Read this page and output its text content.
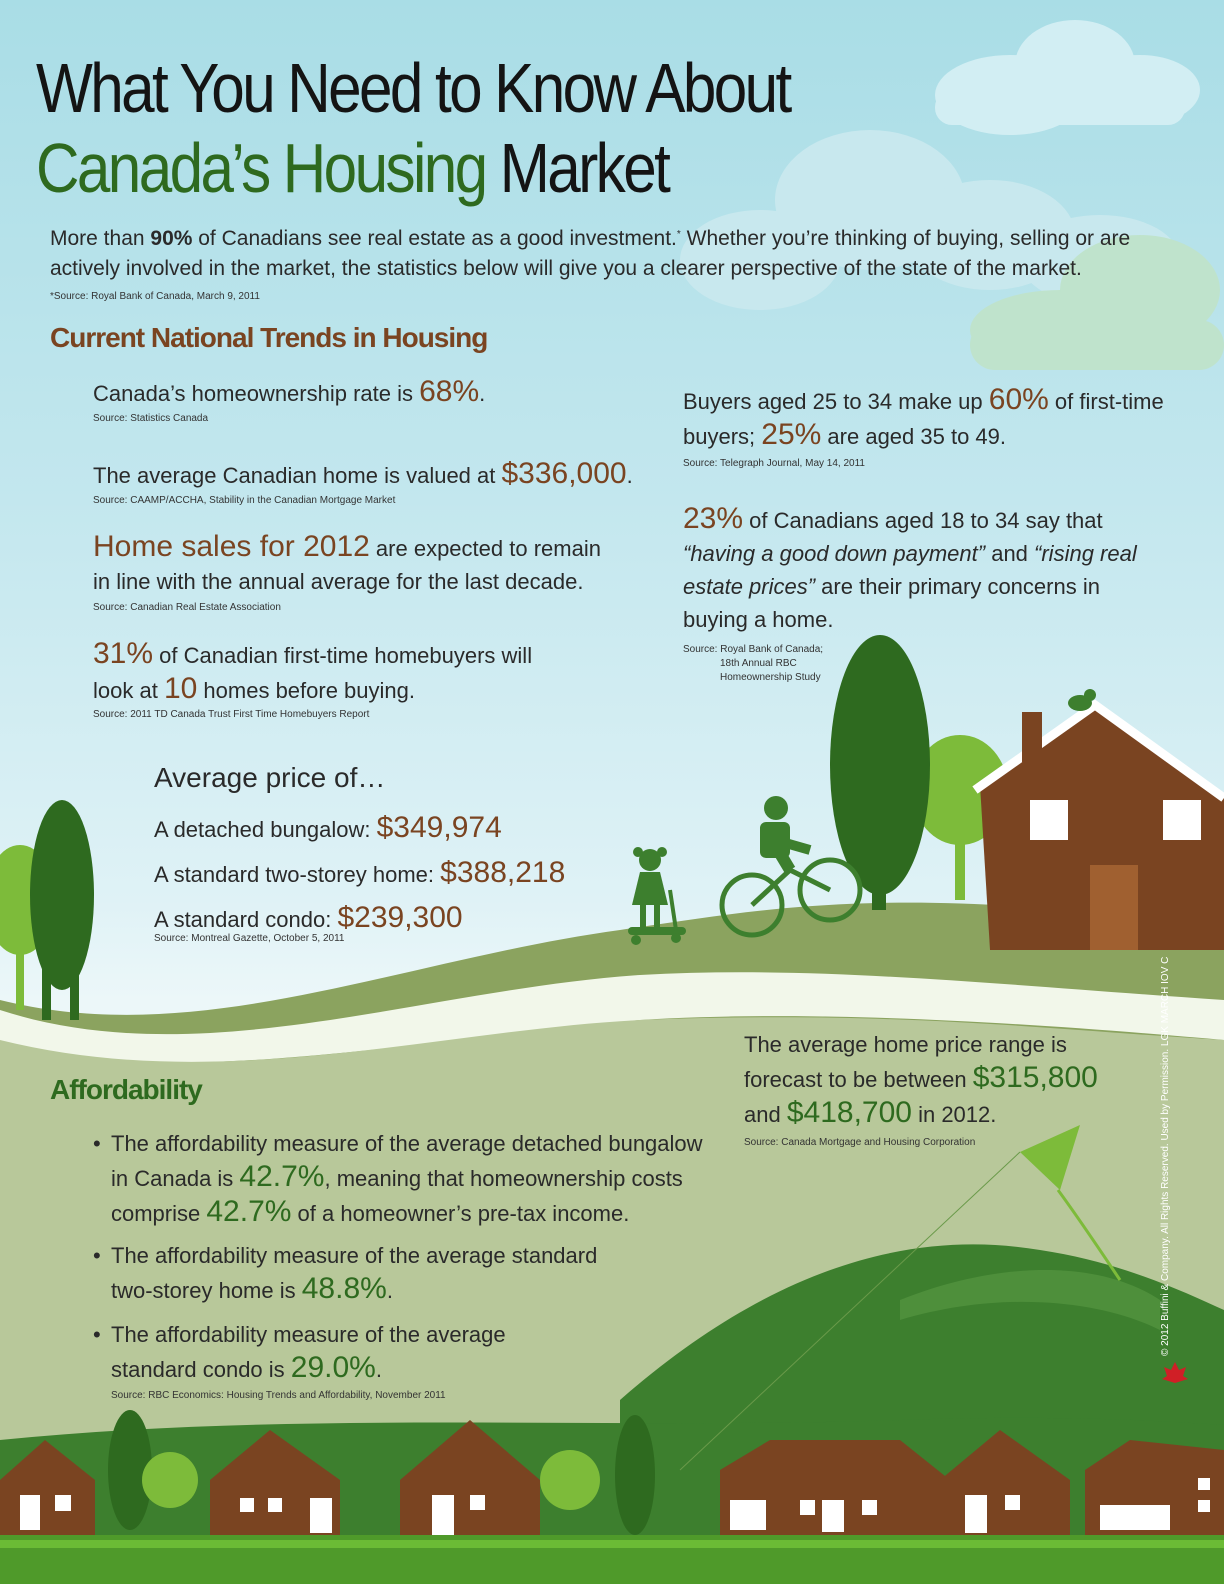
What You Need to Know About
Canada’s Housing Market
More than 90% of Canadians see real estate as a good investment.* Whether you’re thinking of buying, selling or are actively involved in the market, the statistics below will give you a clearer perspective of the state of the market.
*Source: Royal Bank of Canada, March 9, 2011
Current National Trends in Housing
Canada’s homeownership rate is 68%.
Source: Statistics Canada
The average Canadian home is valued at $336,000.
Source: CAAMP/ACCHA, Stability in the Canadian Mortgage Market
Home sales for 2012 are expected to remain
in line with the annual average for the last decade.
Source: Canadian Real Estate Association
31% of Canadian first-time homebuyers will
look at 10 homes before buying.
Source: 2011 TD Canada Trust First Time Homebuyers Report
Buyers aged 25 to 34 make up 60% of first-time
buyers; 25% are aged 35 to 49.
Source: Telegraph Journal, May 14, 2011
23% of Canadians aged 18 to 34 say that
“having a good down payment” and “rising real
estate prices” are their primary concerns in
buying a home.
Source: Royal Bank of Canada;
18th Annual RBC
Homeownership Study
Average price of…
A detached bungalow: $349,974
A standard two-storey home: $388,218
A standard condo: $239,300
Source: Montreal Gazette, October 5, 2011
The average home price range is
forecast to be between $315,800
and $418,700 in 2012.
Source: Canada Mortgage and Housing Corporation
Affordability
• The affordability measure of the average detached bungalow
in Canada is 42.7%, meaning that homeownership costs
comprise 42.7% of a homeowner’s pre-tax income.
• The affordability measure of the average standard
two-storey home is 48.8%.
• The affordability measure of the average
standard condo is 29.0%.
Source: RBC Economics: Housing Trends and Affordability, November 2011
© 2012 Buffini & Company. All Rights Reserved. Used by Permission. LGK MARCH IOV C
